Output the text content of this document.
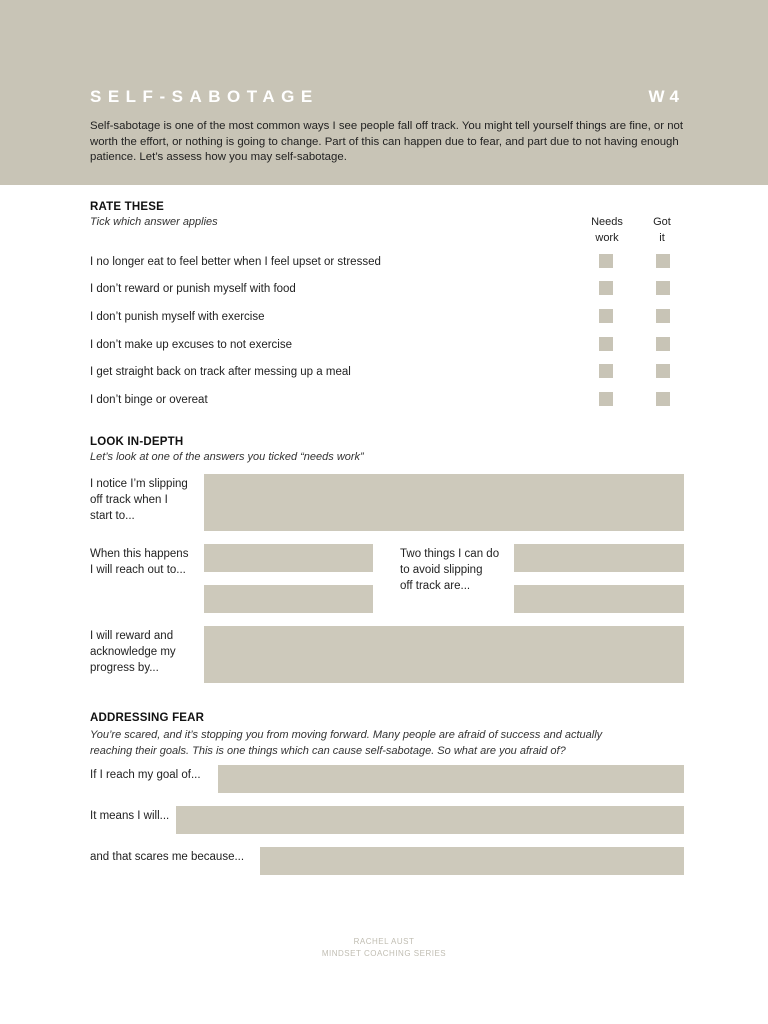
SELF-SABOTAGE	W4
Self-sabotage is one of the most common ways I see people fall off track. You might tell yourself things are fine, or not worth the effort, or nothing is going to change. Part of this can happen due to fear, and part due to not having enough patience. Let’s assess how you may self-sabotage.
RATE THESE
Tick which answer applies	Needs
work
Got
it
I no longer eat to feel better when I feel upset or stressed
I don’t reward or punish myself with food
I don’t punish myself with exercise
I don’t make up excuses to not exercise
I get straight back on track after messing up a meal
I don’t binge or overeat
LOOK IN-DEPTH
Let’s look at one of the answers you ticked “needs work”
I notice I’m slipping
off track when I
start to...
When this happens
I will reach out to...
Two things I can do
to avoid slipping
off track are...
I will reward and
acknowledge my
progress by...
ADDRESSING FEAR
You’re scared, and it’s stopping you from moving forward. Many people are afraid of success and actually
reaching their goals. This is one things which can cause self-sabotage. So what are you afraid of?
If I reach my goal of...
It means I will...
and that scares me because...
RACHEL AUST
MINDSET COACHING SERIES
